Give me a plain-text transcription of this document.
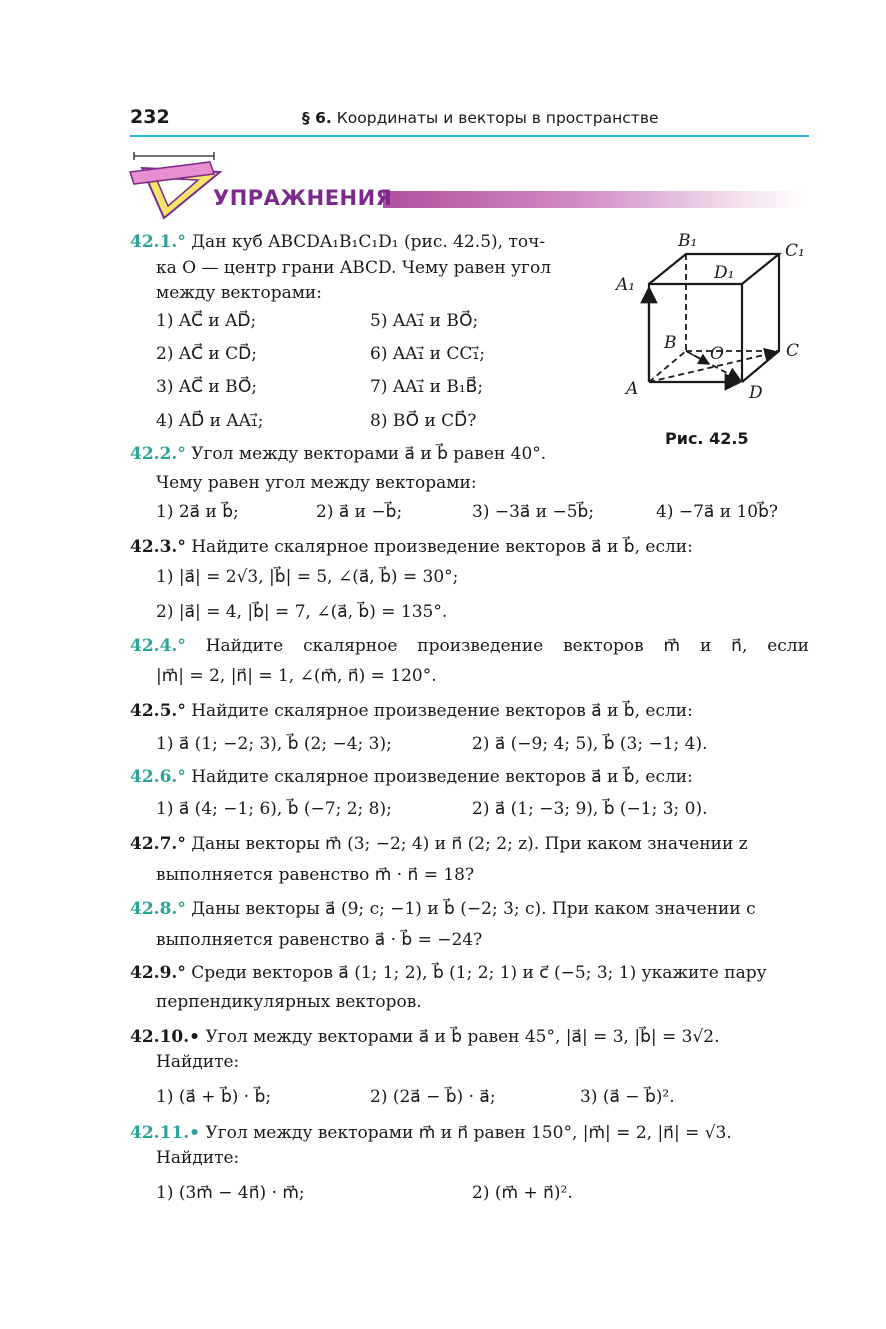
232	§ 6. Координаты и векторы в пространстве
УПРАЖНЕНИЯ
B₁	C₁
D₁
A₁
B
O	C
A	D
Рис. 42.5
42.1.° Дан куб ABCDA₁B₁C₁D₁ (рис. 42.5), точ-
ка O — центр грани ABCD. Чему равен угол
между векторами:
1) AC⃗ и AD⃗;	5) AA₁⃗ и BO⃗;
2) AC⃗ и CD⃗;	6) AA₁⃗ и CC₁⃗;
3) AC⃗ и BO⃗;	7) AA₁⃗ и B₁B⃗;
4) AD⃗ и AA₁⃗;	8) BO⃗ и CD⃗?
42.2.° Угол между векторами a⃗ и b⃗ равен 40°.
Чему равен угол между векторами:
1) 2a⃗ и b⃗;	2) a⃗ и −b⃗;	3) −3a⃗ и −5b⃗;	4) −7a⃗ и 10b⃗?
42.3.° Найдите скалярное произведение векторов a⃗ и b⃗, если:
1) |a⃗| = 2√3, |b⃗| = 5, ∠(a⃗, b⃗) = 30°;
2) |a⃗| = 4, |b⃗| = 7, ∠(a⃗, b⃗) = 135°.
42.4.° Найдите скалярное произведение векторов m⃗ и n⃗, если
|m⃗| = 2, |n⃗| = 1, ∠(m⃗, n⃗) = 120°.
42.5.° Найдите скалярное произведение векторов a⃗ и b⃗, если:
1) a⃗ (1; −2; 3), b⃗ (2; −4; 3);	2) a⃗ (−9; 4; 5), b⃗ (3; −1; 4).
42.6.° Найдите скалярное произведение векторов a⃗ и b⃗, если:
1) a⃗ (4; −1; 6), b⃗ (−7; 2; 8);	2) a⃗ (1; −3; 9), b⃗ (−1; 3; 0).
42.7.° Даны векторы m⃗ (3; −2; 4) и n⃗ (2; 2; z). При каком значении z
выполняется равенство m⃗ · n⃗ = 18?
42.8.° Даны векторы a⃗ (9; c; −1) и b⃗ (−2; 3; c). При каком значении c
выполняется равенство a⃗ · b⃗ = −24?
42.9.° Среди векторов a⃗ (1; 1; 2), b⃗ (1; 2; 1) и c⃗ (−5; 3; 1) укажите пару
перпендикулярных векторов.
42.10.• Угол между векторами a⃗ и b⃗ равен 45°, |a⃗| = 3, |b⃗| = 3√2.
Найдите:
1) (a⃗ + b⃗) · b⃗;	2) (2a⃗ − b⃗) · a⃗;	3) (a⃗ − b⃗)².
42.11.• Угол между векторами m⃗ и n⃗ равен 150°, |m⃗| = 2, |n⃗| = √3.
Найдите:
1) (3m⃗ − 4n⃗) · m⃗;	2) (m⃗ + n⃗)².
